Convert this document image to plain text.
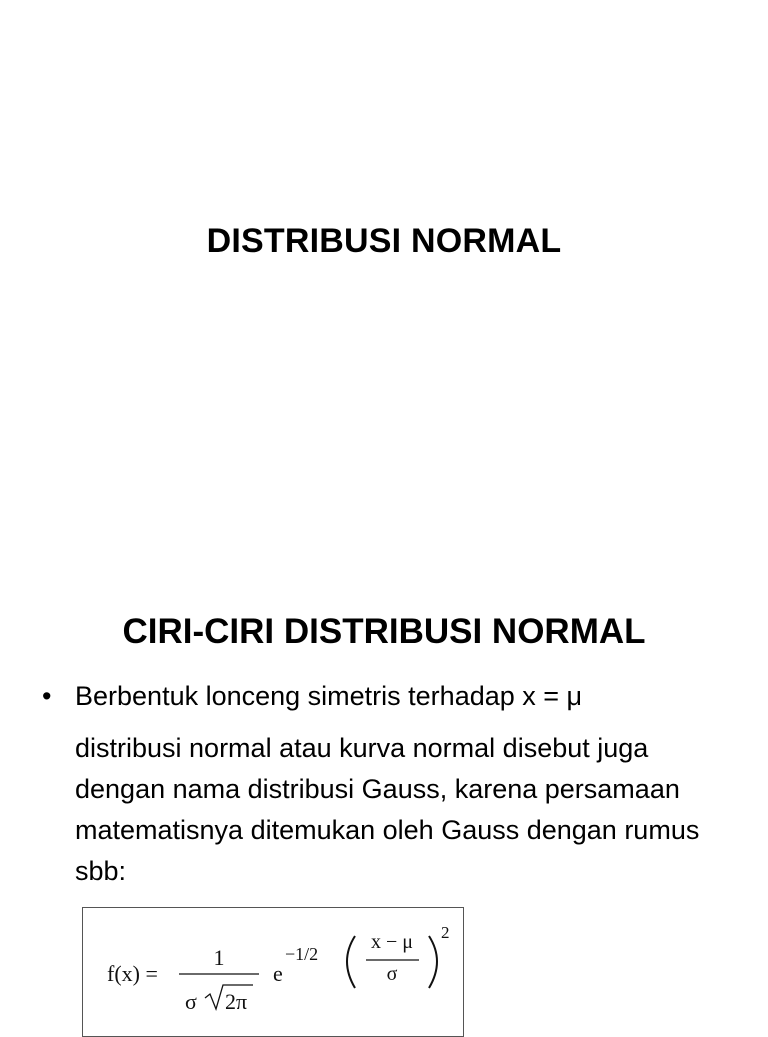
DISTRIBUSI NORMAL
CIRI-CIRI DISTRIBUSI NORMAL
• Berbentuk lonceng simetris terhadap x = μ
distribusi normal atau kurva normal disebut juga dengan nama distribusi Gauss, karena persamaan matematisnya ditemukan oleh Gauss dengan rumus sbb:
f(x) =
1
σ 2π
e
−1/2
x − μ
σ
2
